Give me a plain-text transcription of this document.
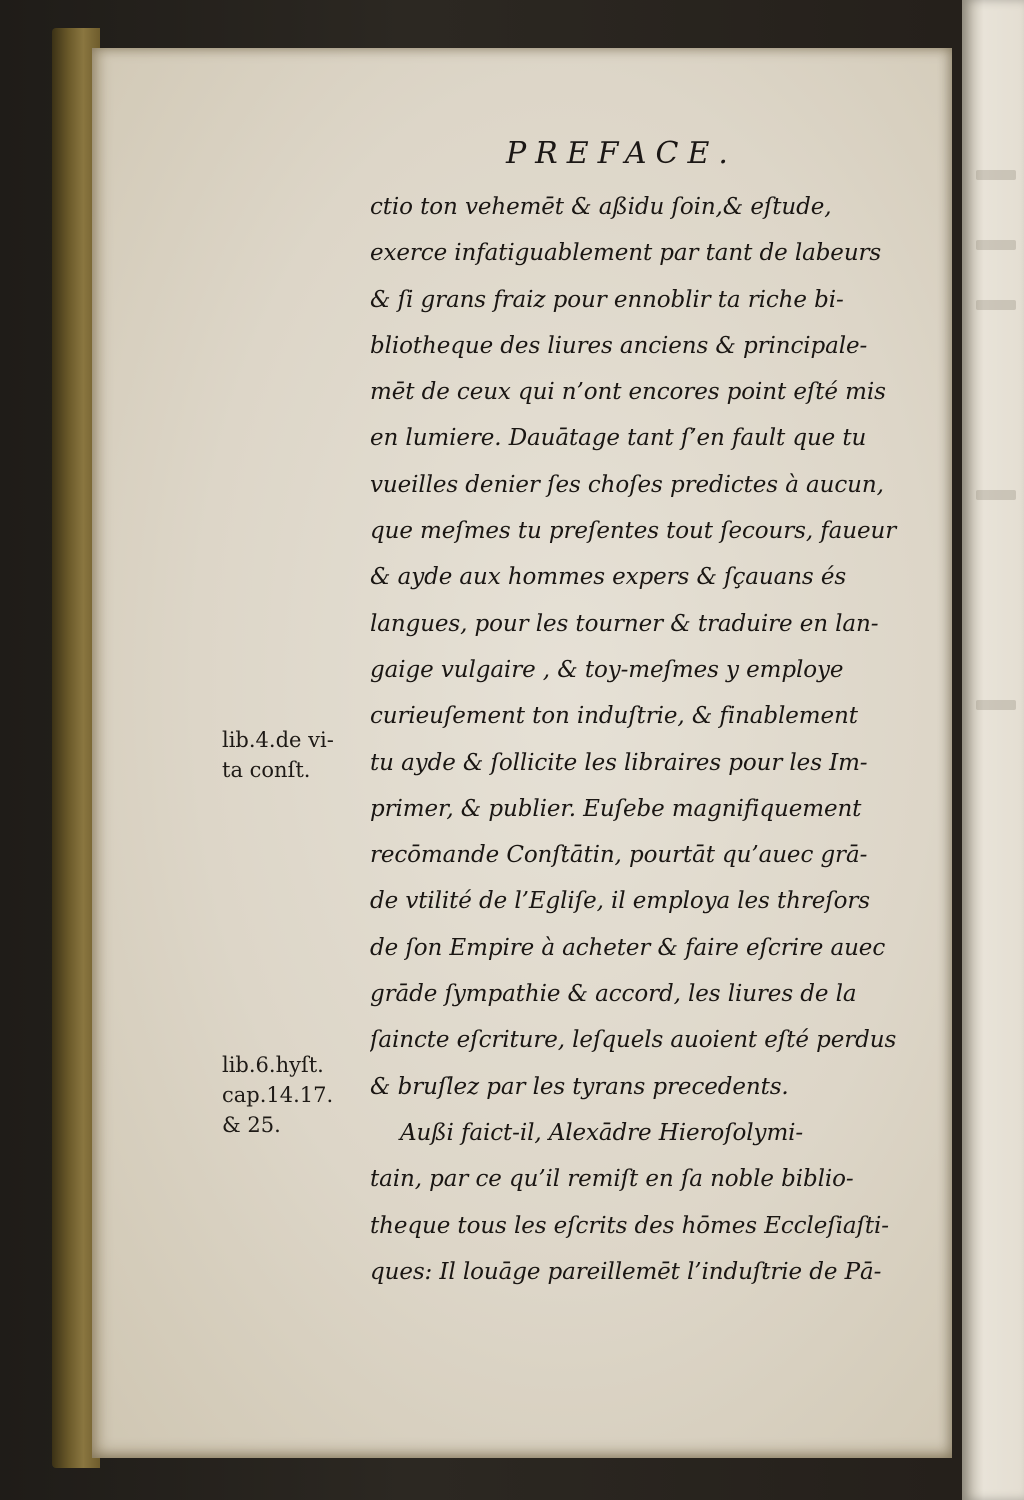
PREFACE.
ctio ton vehemēt & aßidu ſoin,& eſtude,
exerce infatiguablement par tant de labeurs
& ſi grans fraiz pour ennoblir ta riche bi-
bliotheque des liures anciens & principale-
mēt de ceux qui n’ont encores point eſté mis
en lumiere. Dauātage tant ſ’en fault que tu
vueilles denier ſes choſes predictes à aucun,
que meſmes tu preſentes tout ſecours, faueur
& ayde aux hommes expers & ſçauans és
langues, pour les tourner & traduire en lan-
gaige vulgaire , & toy-meſmes y employe
curieuſement ton induſtrie, & finablement
tu ayde & ſollicite les libraires pour les Im-
primer, & publier. Euſebe magnifiquement
recōmande Conſtātin, pourtāt qu’auec grā-
de vtilité de l’Egliſe, il employa les threſors
de ſon Empire à acheter & faire eſcrire auec
grāde ſympathie & accord, les liures de la
ſaincte eſcriture, leſquels auoient eſté perdus
& bruſlez par les tyrans precedents.
Außi faict-il, Alexādre Hieroſolymi-
tain, par ce qu’il remiſt en ſa noble biblio-
theque tous les eſcrits des hōmes Eccleſiaſti-
ques: Il louāge pareillemēt l’induſtrie de Pā-
lib.4.de vi-
ta conſt.
lib.6.hyſt.
cap.14.17.
& 25.
